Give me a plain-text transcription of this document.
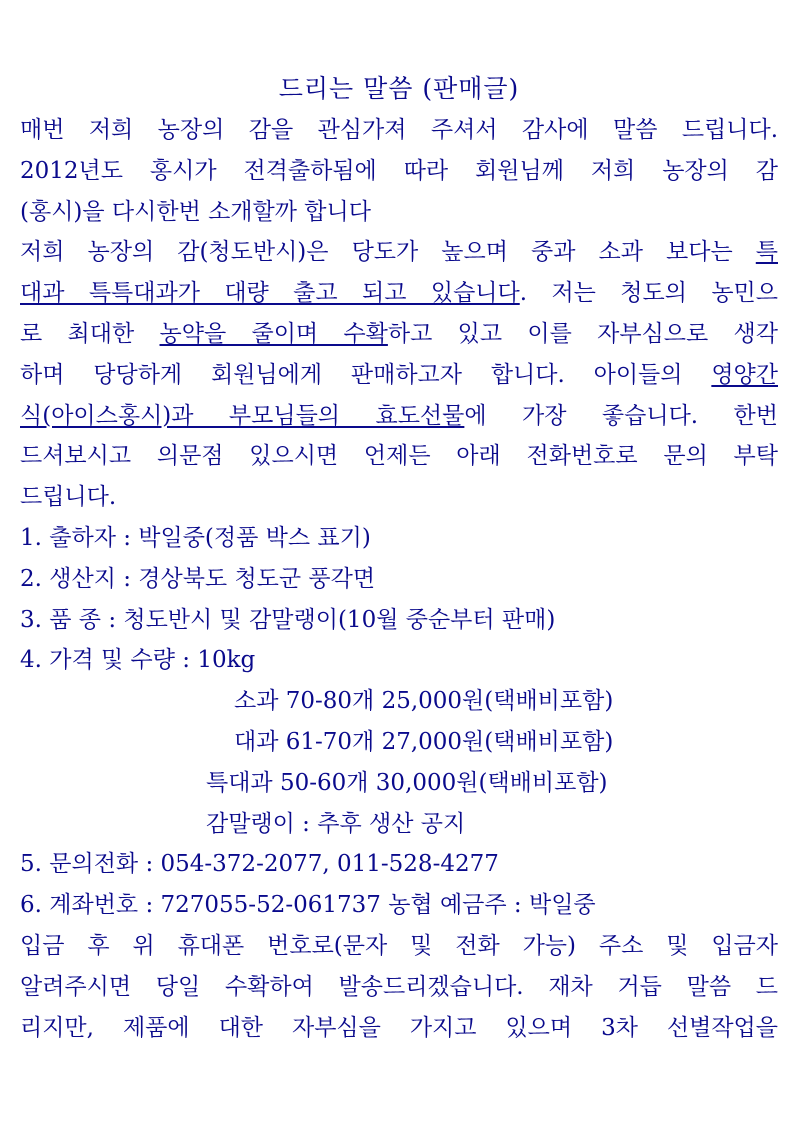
드리는 말씀 (판매글)
매번 저희 농장의 감을 관심가져 주셔서 감사에 말씀 드립니다.
2012년도 홍시가 전격출하됨에 따라 회원님께 저희 농장의 감
(홍시)을 다시한번 소개할까 합니다
저희 농장의 감(청도반시)은 당도가 높으며 중과 소과 보다는 특
대과 특특대과가 대량 출고 되고 있습니다. 저는 청도의 농민으
로 최대한 농약을 줄이며 수확하고 있고 이를 자부심으로 생각
하며 당당하게 회원님에게 판매하고자 합니다. 아이들의 영양간
식(아이스홍시)과 부모님들의 효도선물에 가장 좋습니다. 한번
드셔보시고 의문점 있으시면 언제든 아래 전화번호로 문의 부탁
드립니다.
1. 출하자 : 박일중(정품 박스 표기)
2. 생산지 : 경상북도 청도군 풍각면
3. 품 종 : 청도반시 및 감말랭이(10월 중순부터 판매)
4. 가격 및 수량 : 10kg
소과 70-80개 25,000원(택배비포함)
대과 61-70개 27,000원(택배비포함)
특대과 50-60개 30,000원(택배비포함)
감말랭이 : 추후 생산 공지
5. 문의전화 : 054-372-2077, 011-528-4277
6. 계좌번호 : 727055-52-061737 농협 예금주 : 박일중
입금 후 위 휴대폰 번호로(문자 및 전화 가능) 주소 및 입금자
알려주시면 당일 수확하여 발송드리겠습니다. 재차 거듭 말씀 드
리지만, 제품에 대한 자부심을 가지고 있으며 3차 선별작업을
